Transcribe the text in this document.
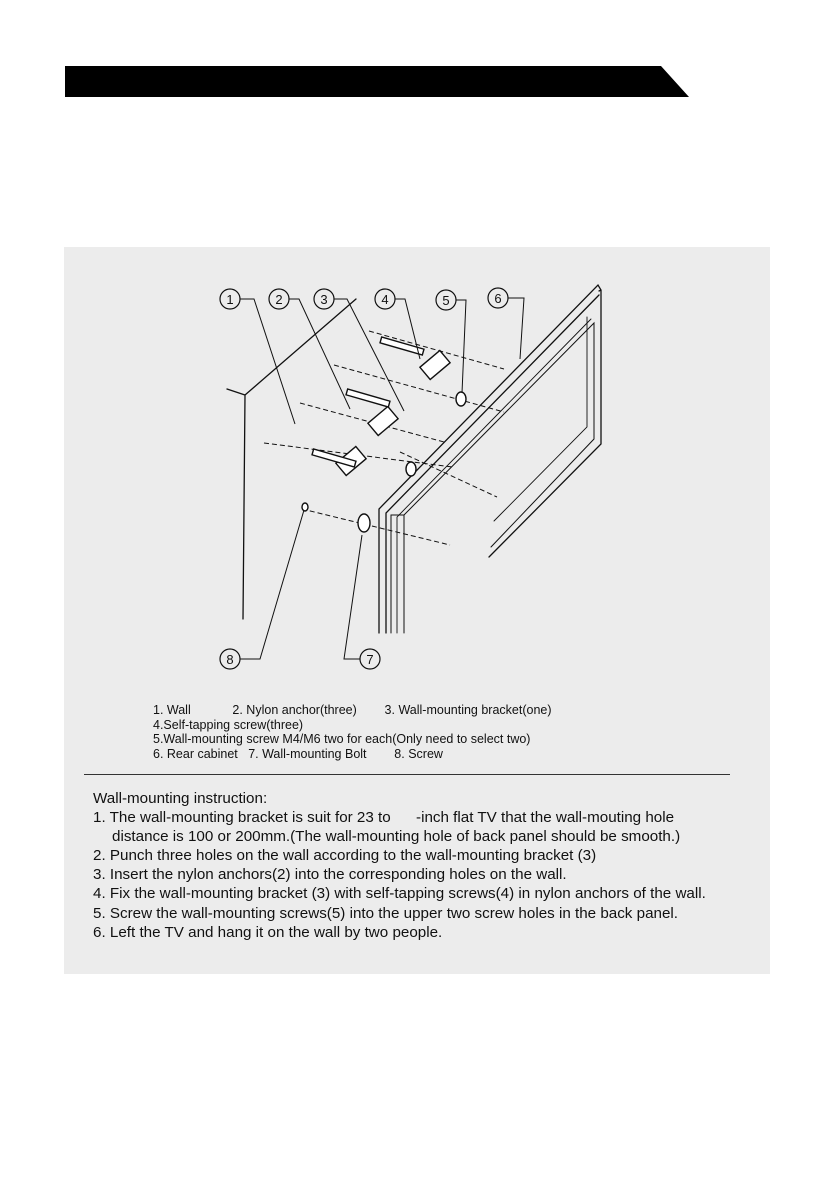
1	2	3	4	5	6
7
8
1. Wall            2. Nylon anchor(three)        3. Wall-mounting bracket(one)
4.Self-tapping screw(three)
5.Wall-mounting screw M4/M6 two for each(Only need to select two)
6. Rear cabinet   7. Wall-mounting Bolt        8. Screw
Wall-mounting instruction:
1. The wall-mounting bracket is suit for 23 to      -inch flat TV that the wall-mouting hole
distance is 100 or 200mm.(The wall-mounting hole of back panel should be smooth.)
2. Punch three holes on the wall according to the wall-mounting bracket (3)
3. Insert the nylon anchors(2) into the corresponding holes on the wall.
4. Fix the wall-mounting bracket (3) with self-tapping screws(4) in nylon anchors of the wall.
5. Screw the wall-mounting screws(5) into the upper two screw holes in the back panel.
6. Left the TV and hang it on the wall by two people.
